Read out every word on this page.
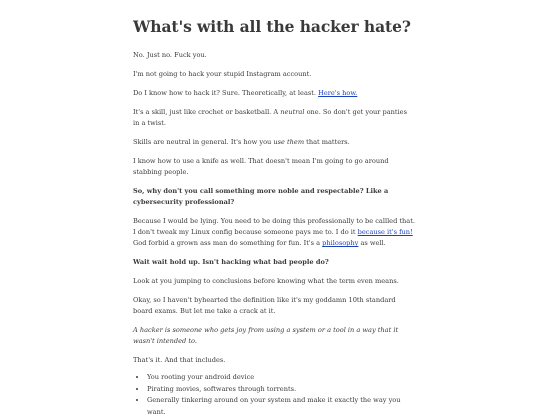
What's with all the hacker hate?

No. Just no. Fuck you.

I'm not going to hack your stupid Instagram account.

Do I know how to hack it? Sure. Theoretically, at least. Here's how.

It's a skill, just like crochet or basketball. A neutral one. So don't get your panties in a twist.

Skills are neutral in general. It's how you use them that matters.

I know how to use a knife as well. That doesn't mean I'm going to go around stabbing people.

So, why don't you call something more noble and respectable? Like a cybersecurity professional?

Because I would be lying. You need to be doing this professionally to be callled that. I don't tweak my Linux config because someone pays me to. I do it because it's fun! God forbid a grown ass man do something for fun. It's a philosophy as well.

Wait wait hold up. Isn't hacking what bad people do?

Look at you jumping to conclusions before knowing what the term even means.

Okay, so I haven't byhearted the definition like it's my goddamn 10th standard board exams. But let me take a crack at it.

A hacker is someone who gets joy from using a system or a tool in a way that it wasn't intended to.

That's it. And that includes.

• You rooting your android device
• Pirating movies, softwares through torrents.
• Generally tinkering around on your system and make it exactly the way you want.
